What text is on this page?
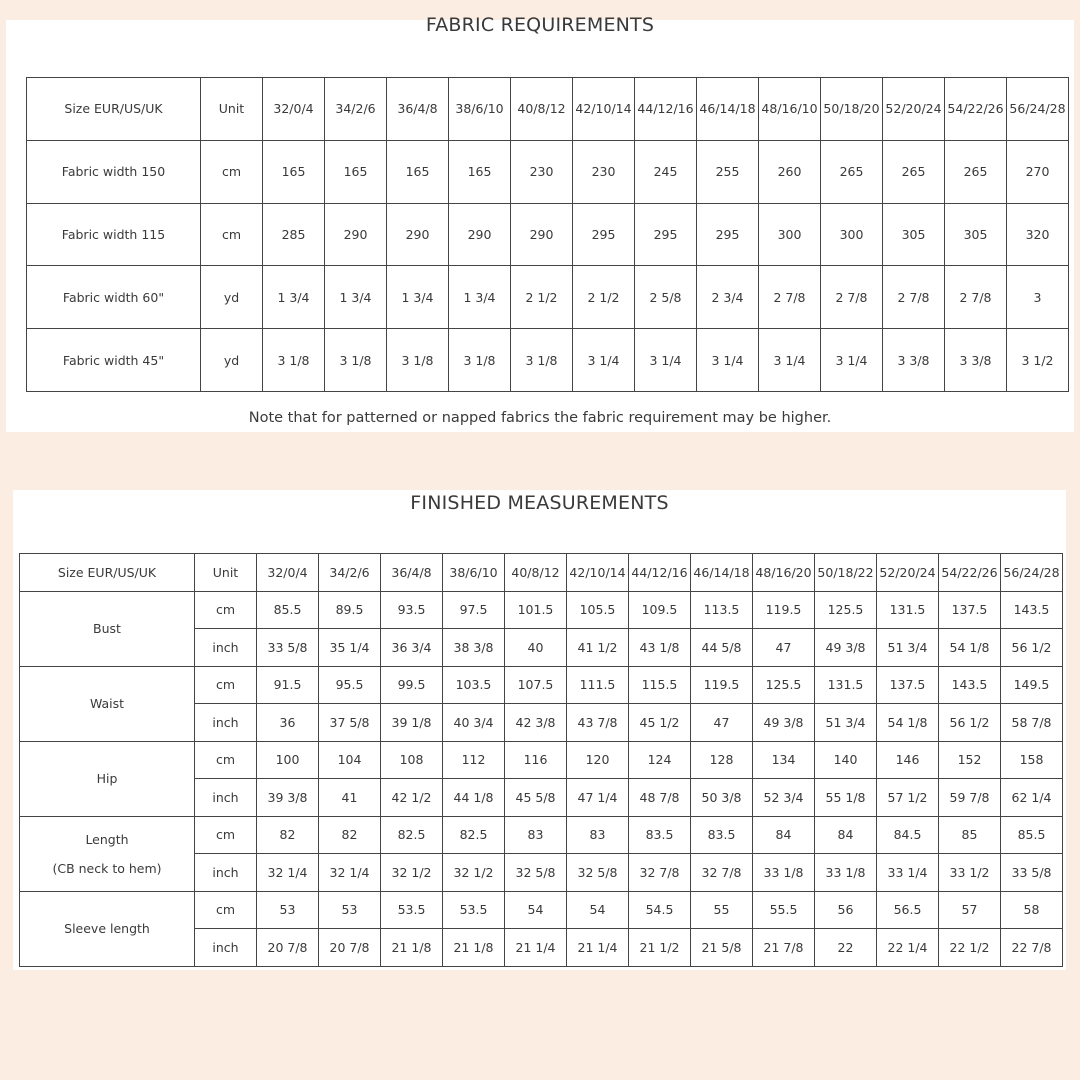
FABRIC REQUIREMENTS
Size EUR/US/UK	Unit	32/0/4	34/2/6	36/4/8	38/6/10	40/8/12	42/10/14	44/12/16	46/14/18	48/16/10	50/18/20	52/20/24	54/22/26	56/24/28
Fabric width 150	cm	165	165	165	165	230	230	245	255	260	265	265	265	270
Fabric width 115	cm	285	290	290	290	290	295	295	295	300	300	305	305	320
Fabric width 60"	yd	1 3/4	1 3/4	1 3/4	1 3/4	2 1/2	2 1/2	2 5/8	2 3/4	2 7/8	2 7/8	2 7/8	2 7/8	3
Fabric width 45"	yd	3 1/8	3 1/8	3 1/8	3 1/8	3 1/8	3 1/4	3 1/4	3 1/4	3 1/4	3 1/4	3 3/8	3 3/8	3 1/2
Note that for patterned or napped fabrics the fabric requirement may be higher.
FINISHED MEASUREMENTS
Size EUR/US/UK	Unit	32/0/4	34/2/6	36/4/8	38/6/10	40/8/12	42/10/14	44/12/16	46/14/18	48/16/20	50/18/22	52/20/24	54/22/26	56/24/28

Bust	cm	85.5	89.5	93.5	97.5	101.5	105.5	109.5	113.5	119.5	125.5	131.5	137.5	143.5
	inch	33 5/8	35 1/4	36 3/4	38 3/8	40	41 1/2	43 1/8	44 5/8	47	49 3/8	51 3/4	54 1/8	56 1/2

Waist	cm	91.5	95.5	99.5	103.5	107.5	111.5	115.5	119.5	125.5	131.5	137.5	143.5	149.5
	inch	36	37 5/8	39 1/8	40 3/4	42 3/8	43 7/8	45 1/2	47	49 3/8	51 3/4	54 1/8	56 1/2	58 7/8

Hip	cm	100	104	108	112	116	120	124	128	134	140	146	152	158
	inch	39 3/8	41	42 1/2	44 1/8	45 5/8	47 1/4	48 7/8	50 3/8	52 3/4	55 1/8	57 1/2	59 7/8	62 1/4

Length
(CB neck to hem)	cm	82	82	82.5	82.5	83	83	83.5	83.5	84	84	84.5	85	85.5
	inch	32 1/4	32 1/4	32 1/2	32 1/2	32 5/8	32 5/8	32 7/8	32 7/8	33 1/8	33 1/8	33 1/4	33 1/2	33 5/8

Sleeve length	cm	53	53	53.5	53.5	54	54	54.5	55	55.5	56	56.5	57	58
	inch	20 7/8	20 7/8	21 1/8	21 1/8	21 1/4	21 1/4	21 1/2	21 5/8	21 7/8	22	22 1/4	22 1/2	22 7/8
